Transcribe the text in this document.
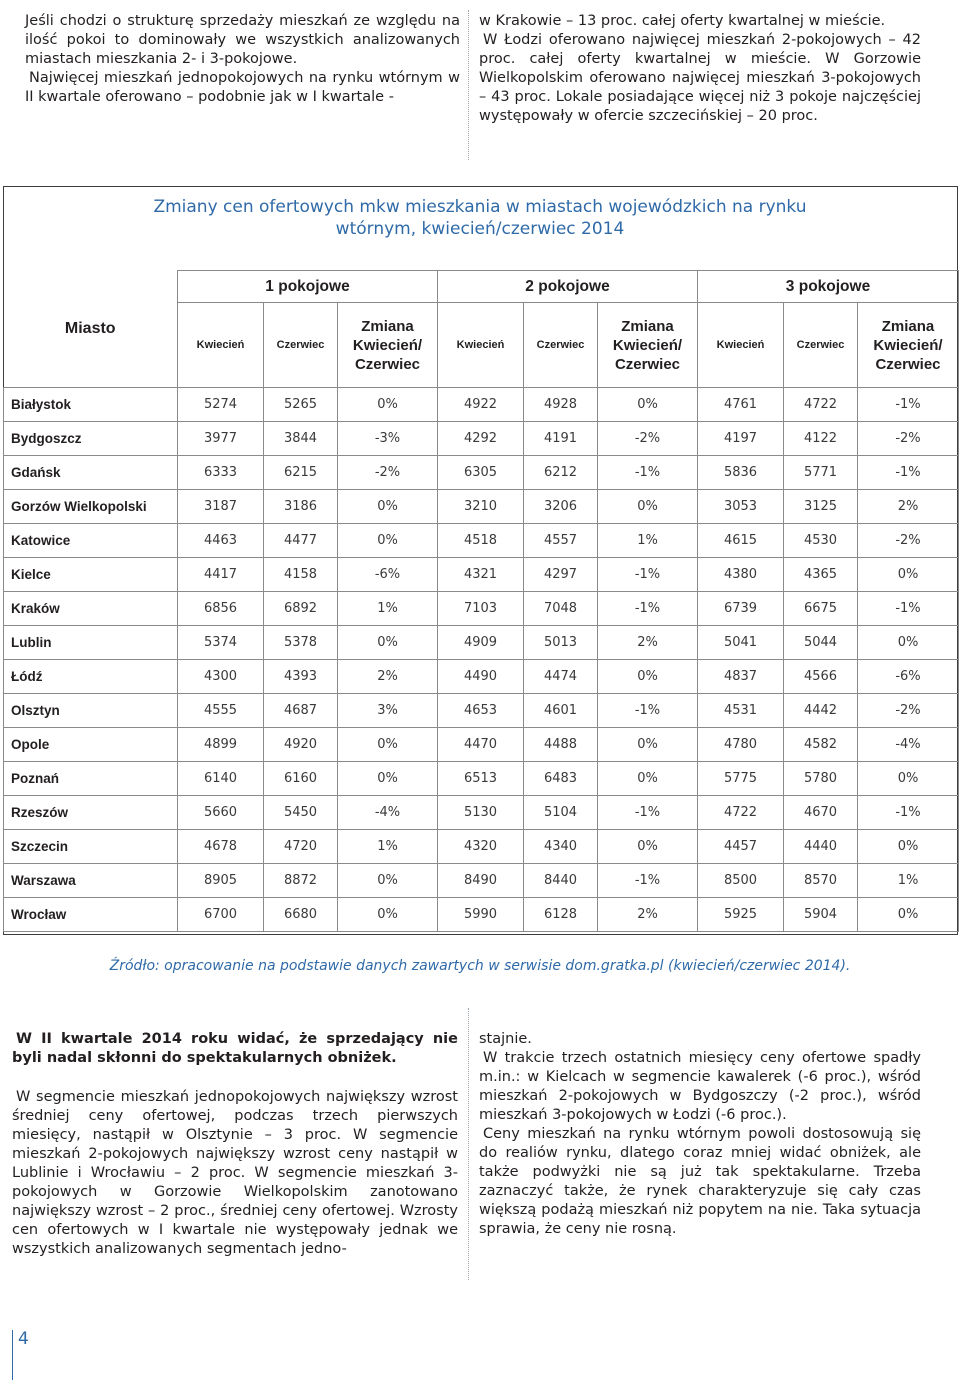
Jeśli chodzi o strukturę sprzedaży mieszkań ze względu na ilość pokoi to dominowały we wszystkich analizowanych miastach mieszkania 2- i 3-pokojowe.

Najwięcej mieszkań jednopokojowych na rynku wtórnym w II kwartale oferowano – podobnie jak w I kwartale -

w Krakowie – 13 proc. całej oferty kwartalnej w mieście.

W Łodzi oferowano najwięcej mieszkań 2-pokojowych – 42 proc. całej oferty kwartalnej w mieście. W Gorzowie Wielkopolskim oferowano najwięcej mieszkań 3-pokojowych – 43 proc. Lokale posiadające więcej niż 3 pokoje najczęściej występowały w ofercie szczecińskiej – 20 proc.

Zmiany cen ofertowych mkw mieszkania w miastach wojewódzkich na rynku
wtórnym, kwiecień/czerwiec 2014
Miasto	1 pokojowe			2 pokojowe			3 pokojowe		
	Kwiecień	Czerwiec	Zmiana
Kwiecień/
Czerwiec	Kwiecień	Czerwiec	Zmiana
Kwiecień/
Czerwiec	Kwiecień	Czerwiec	Zmiana
Kwiecień/
Czerwiec
Białystok	5274	5265	0%	4922	4928	0%	4761	4722	-1%
Bydgoszcz	3977	3844	-3%	4292	4191	-2%	4197	4122	-2%
Gdańsk	6333	6215	-2%	6305	6212	-1%	5836	5771	-1%
Gorzów Wielkopolski	3187	3186	0%	3210	3206	0%	3053	3125	2%
Katowice	4463	4477	0%	4518	4557	1%	4615	4530	-2%
Kielce	4417	4158	-6%	4321	4297	-1%	4380	4365	0%
Kraków	6856	6892	1%	7103	7048	-1%	6739	6675	-1%
Lublin	5374	5378	0%	4909	5013	2%	5041	5044	0%
Łódź	4300	4393	2%	4490	4474	0%	4837	4566	-6%
Olsztyn	4555	4687	3%	4653	4601	-1%	4531	4442	-2%
Opole	4899	4920	0%	4470	4488	0%	4780	4582	-4%
Poznań	6140	6160	0%	6513	6483	0%	5775	5780	0%
Rzeszów	5660	5450	-4%	5130	5104	-1%	4722	4670	-1%
Szczecin	4678	4720	1%	4320	4340	0%	4457	4440	0%
Warszawa	8905	8872	0%	8490	8440	-1%	8500	8570	1%
Wrocław	6700	6680	0%	5990	6128	2%	5925	5904	0%
Źródło: opracowanie na podstawie danych zawartych w serwisie dom.gratka.pl (kwiecień/czerwiec 2014).

W II kwartale 2014 roku widać, że sprzedający nie byli nadal skłonni do spektakularnych obniżek.

W segmencie mieszkań jednopokojowych największy wzrost średniej ceny ofertowej, podczas trzech pierwszych miesięcy, nastąpił w Olsztynie – 3 proc. W segmencie mieszkań 2-pokojowych największy wzrost ceny nastąpił w Lublinie i Wrocławiu – 2 proc. W segmencie mieszkań 3-pokojowych w Gorzowie Wielkopolskim zanotowano największy wzrost – 2 proc., średniej ceny ofertowej. Wzrosty cen ofertowych w I kwartale nie występowały jednak we wszystkich analizowanych segmentach jedno-

stajnie.

W trakcie trzech ostatnich miesięcy ceny ofertowe spadły m.in.: w Kielcach w segmencie kawalerek (-6 proc.), wśród mieszkań 2-pokojowych w Bydgoszczy (-2 proc.), wśród mieszkań 3-pokojowych w Łodzi (-6 proc.).

Ceny mieszkań na rynku wtórnym powoli dostosowują się do realiów rynku, dlatego coraz mniej widać obniżek, ale także podwyżki nie są już tak spektakularne. Trzeba zaznaczyć także, że rynek charakteryzuje się cały czas większą podażą mieszkań niż popytem na nie. Taka sytuacja sprawia, że ceny nie rosną.

4
